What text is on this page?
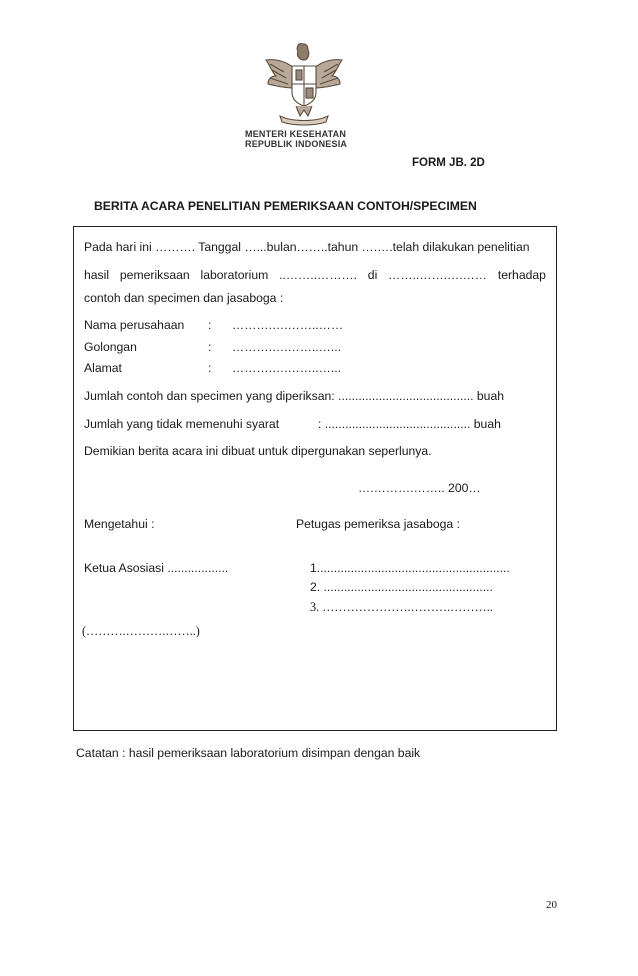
MENTERI KESEHATAN
REPUBLIK INDONESIA
FORM JB. 2D
BERITA ACARA PENELITIAN PEMERIKSAAN CONTOH/SPECIMEN
Pada hari ini ………. Tanggal …...bulan……..tahun ….….telah dilakukan penelitian
hasil pemeriksaan laboratorium ..……..………. di ……..…….….…… terhadap
contoh dan specimen dan jasaboga :
Nama perusahaan : ……….….……..……
Golongan	: ……….….……..…...
Alamat	: ……….….……..…...
Jumlah contoh dan specimen yang diperiksan: ........................................ buah
Jumlah yang tidak memenuhi syarat	: ........................................... buah
Demikian berita acara ini dibuat untuk dipergunakan seperlunya.
….……….…….. 200…
Mengetahui :	Petugas pemeriksa jasaboga :
Ketua Asosiasi ..................	1.........................................................
2. ..................................................
3. ………………….……….………..
(……….……….……..)
Catatan : hasil pemeriksaan laboratorium disimpan dengan baik
20
